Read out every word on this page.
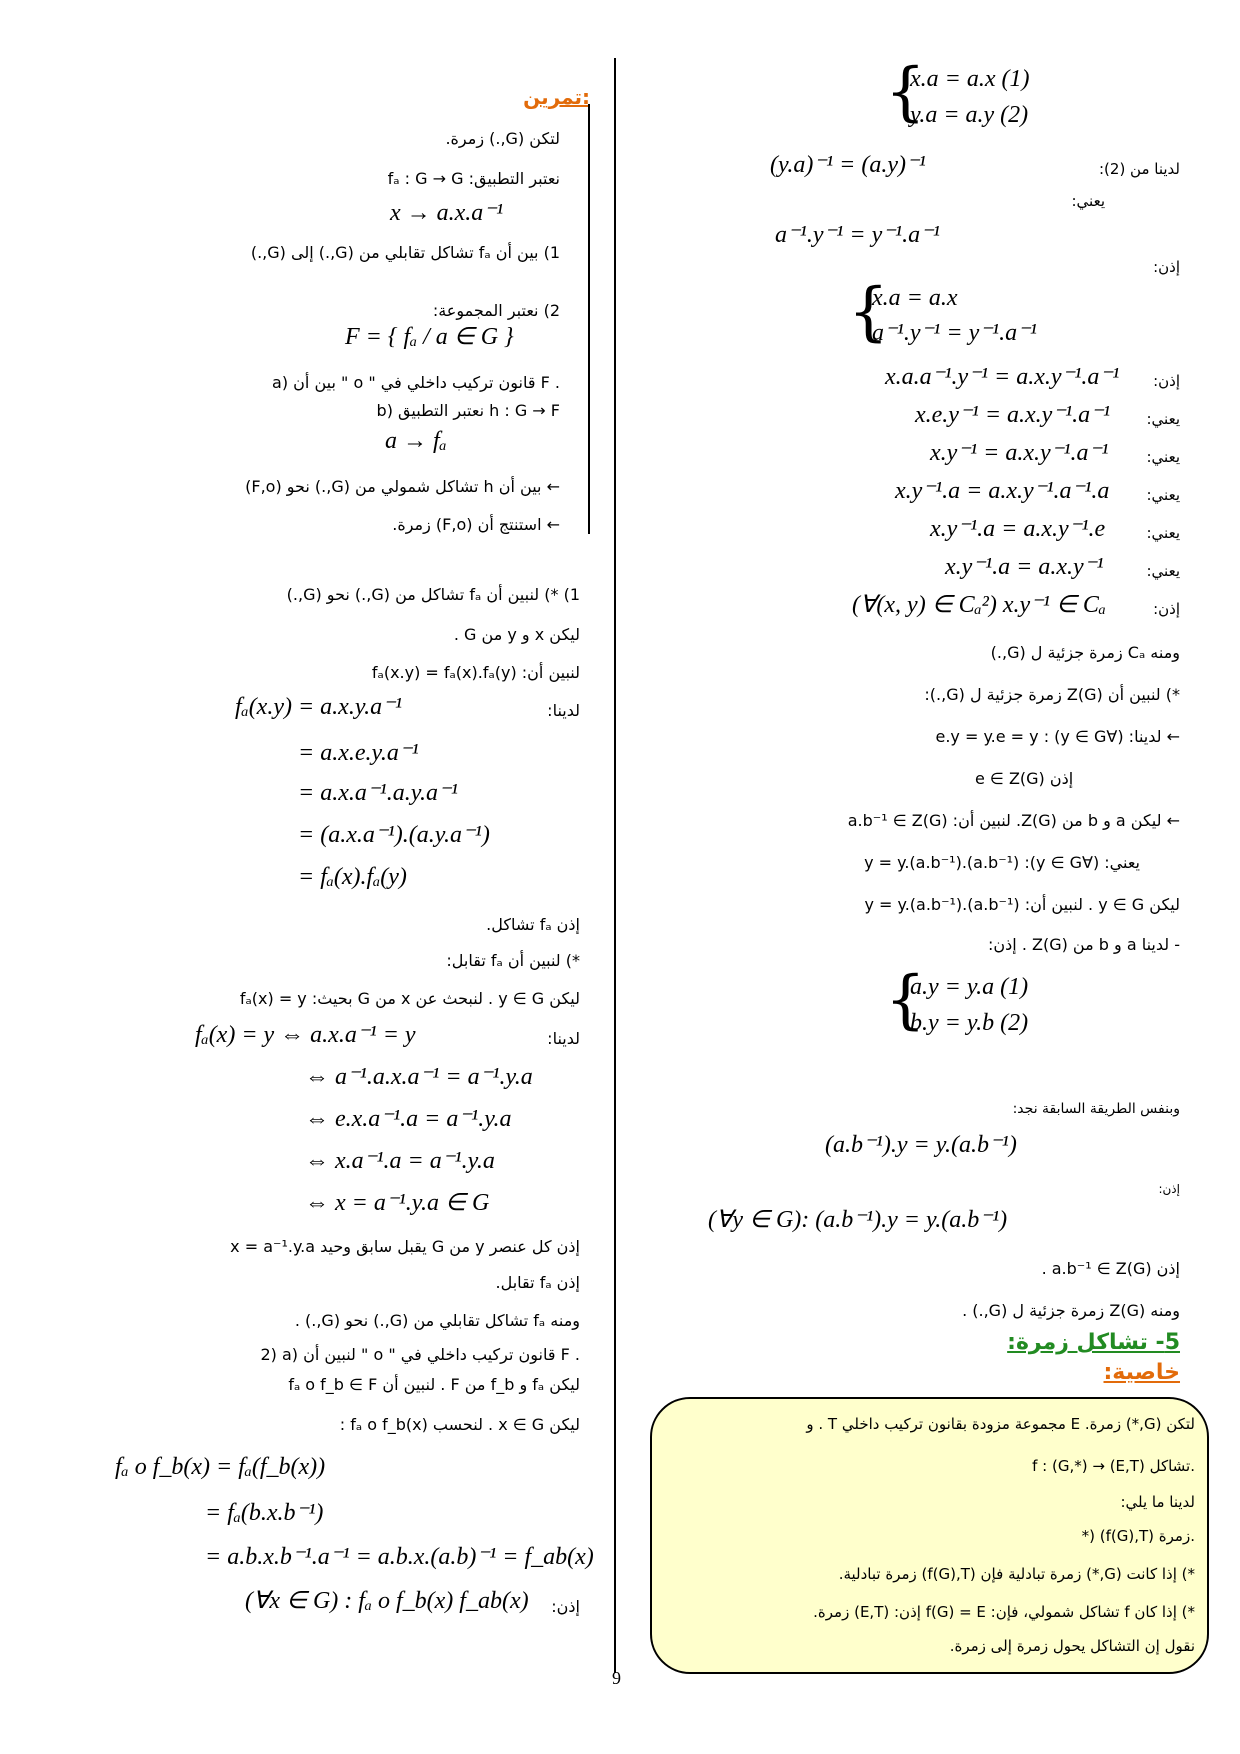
{
x.a = a.x (1)
y.a = a.y (2)
لدينا من (2):
(y.a)⁻¹ = (a.y)⁻¹
يعني:
a⁻¹.y⁻¹ = y⁻¹.a⁻¹
إذن:
{
x.a = a.x
a⁻¹.y⁻¹ = y⁻¹.a⁻¹
إذن:
x.a.a⁻¹.y⁻¹ = a.x.y⁻¹.a⁻¹
يعني:
x.e.y⁻¹ = a.x.y⁻¹.a⁻¹
يعني:
x.y⁻¹ = a.x.y⁻¹.a⁻¹
يعني:
x.y⁻¹.a = a.x.y⁻¹.a⁻¹.a
يعني:
x.y⁻¹.a = a.x.y⁻¹.e
يعني:
x.y⁻¹.a = a.x.y⁻¹
إذن:
(∀(x, y) ∈ Cₐ²) x.y⁻¹ ∈ Cₐ
ومنه Cₐ زمرة جزئية ل (G,.)
*) لنبين أن Z(G) زمرة جزئية ل (G,.):
← لدينا: (∀y ∈ G) : e.y = y.e = y
إذن e ∈ Z(G)
← ليكن a و b من Z(G). لنبين أن: a.b⁻¹ ∈ Z(G)
يعني: (∀y ∈ G): (a.b⁻¹).y = y.(a.b⁻¹)
ليكن y ∈ G . لنبين أن: (a.b⁻¹).y = y.(a.b⁻¹)
- لدينا a و b من Z(G) . إذن:
{
a.y = y.a (1)
b.y = y.b (2)
وبنفس الطريقة السابقة نجد:
(a.b⁻¹).y = y.(a.b⁻¹)
إذن:
(∀y ∈ G): (a.b⁻¹).y = y.(a.b⁻¹)
إذن a.b⁻¹ ∈ Z(G) .
ومنه Z(G) زمرة جزئية ل (G,.) .
5- تشاكل زمرة:
خاصية:
لتكن (G,*) زمرة. E مجموعة مزودة بقانون تركيب داخلي T . و
f : (G,*) → (E,T) تشاكل.
لدينا ما يلي:
*) (f(G),T) زمرة.
*) إذا كانت (G,*) زمرة تبادلية فإن (f(G),T) زمرة تبادلية.
*) إذا كان f تشاكل شمولي، فإن: f(G) = E إذن: (E,T) زمرة.
نقول إن التشاكل يحول زمرة إلى زمرة.
تمرين:
لتكن (G,.) زمرة.
نعتبر التطبيق: fₐ : G → G
x → a.x.a⁻¹
1) بين أن fₐ تشاكل تقابلي من (G,.) إلى (G,.)
2) نعتبر المجموعة:
F = { fₐ / a ∈ G }
a) بين أن " o " قانون تركيب داخلي في F .
b) نعتبر التطبيق h : G → F
a → fₐ
← بين أن h تشاكل شمولي من (G,.) نحو (F,o)
← استنتج أن (F,o) زمرة.
1) *) لنبين أن fₐ تشاكل من (G,.) نحو (G,.)
ليكن x و y من G .
لنبين أن: fₐ(x.y) = fₐ(x).fₐ(y)
لدينا:
fₐ(x.y) = a.x.y.a⁻¹
= a.x.e.y.a⁻¹
= a.x.a⁻¹.a.y.a⁻¹
= (a.x.a⁻¹).(a.y.a⁻¹)
= fₐ(x).fₐ(y)
إذن fₐ تشاكل.
*) لنبين أن fₐ تقابل:
ليكن y ∈ G . لنبحث عن x من G بحيث: fₐ(x) = y
لدينا:
fₐ(x) = y ⇔ a.x.a⁻¹ = y
⇔ a⁻¹.a.x.a⁻¹ = a⁻¹.y.a
⇔ e.x.a⁻¹.a = a⁻¹.y.a
⇔ x.a⁻¹.a = a⁻¹.y.a
⇔ x = a⁻¹.y.a ∈ G
إذن كل عنصر y من G يقبل سابق وحيد x = a⁻¹.y.a
إذن fₐ تقابل.
ومنه fₐ تشاكل تقابلي من (G,.) نحو (G,.) .
2) a) لنبين أن " o " قانون تركيب داخلي في F .
ليكن fₐ و f_b من F . لنبين أن fₐ o f_b ∈ F
ليكن x ∈ G . لنحسب fₐ o f_b(x) :
fₐ o f_b(x) = fₐ(f_b(x))
= fₐ(b.x.b⁻¹)
= a.b.x.b⁻¹.a⁻¹ = a.b.x.(a.b)⁻¹ = f_ab(x)
إذن:
(∀x ∈ G) : fₐ o f_b(x) f_ab(x)
9
